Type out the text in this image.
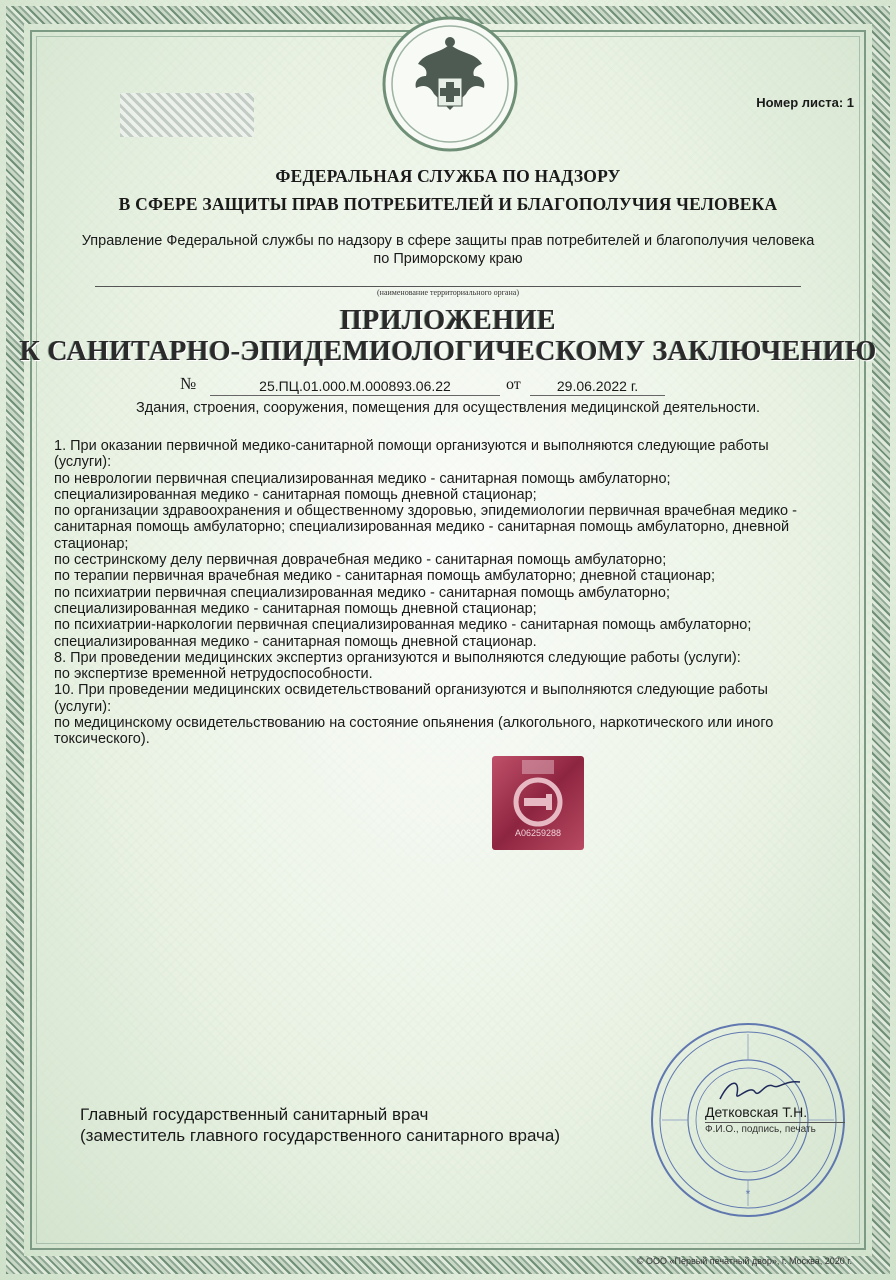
Номер листа: 1
ФЕДЕРАЛЬНАЯ СЛУЖБА ПО НАДЗОРУ
В СФЕРЕ ЗАЩИТЫ ПРАВ ПОТРЕБИТЕЛЕЙ И БЛАГОПОЛУЧИЯ ЧЕЛОВЕКА
Управление Федеральной службы по надзору в сфере защиты прав потребителей и благополучия человека по Приморскому краю
(наименование территориального органа)
ПРИЛОЖЕНИЕ
К САНИТАРНО-ЭПИДЕМИОЛОГИЧЕСКОМУ ЗАКЛЮЧЕНИЮ
№	25.ПЦ.01.000.М.000893.06.22	от	29.06.2022 г.
Здания, строения, сооружения, помещения для осуществления медицинской деятельности.
1. При оказании первичной медико-санитарной помощи организуются и выполняются следующие работы
(услуги):
по неврологии первичная специализированная медико - санитарная помощь амбулаторно;
специализированная медико - санитарная помощь дневной стационар;
по организации здравоохранения и общественному здоровью, эпидемиологии первичная врачебная медико -
санитарная помощь амбулаторно; специализированная медико - санитарная помощь амбулаторно, дневной
стационар;
по сестринскому делу первичная доврачебная медико - санитарная помощь амбулаторно;
по терапии первичная врачебная медико - санитарная помощь амбулаторно; дневной стационар;
по психиатрии первичная специализированная медико - санитарная помощь амбулаторно;
специализированная медико - санитарная помощь дневной стационар;
по психиатрии-наркологии первичная специализированная медико - санитарная помощь амбулаторно;
специализированная медико - санитарная помощь дневной стационар.
8. При проведении медицинских экспертиз организуются и выполняются следующие работы (услуги):
по экспертизе временной нетрудоспособности.
10. При проведении медицинских освидетельствований организуются и выполняются следующие работы
(услуги):
по медицинскому освидетельствованию на состояние опьянения (алкогольного, наркотического или иного
токсического).
А06259288
Главный государственный санитарный врач
(заместитель главного государственного санитарного врача)
*
Детковская Т.Н.
Ф.И.О., подпись, печать
© ООО «Первый печатный двор», г. Москва, 2020 г.
